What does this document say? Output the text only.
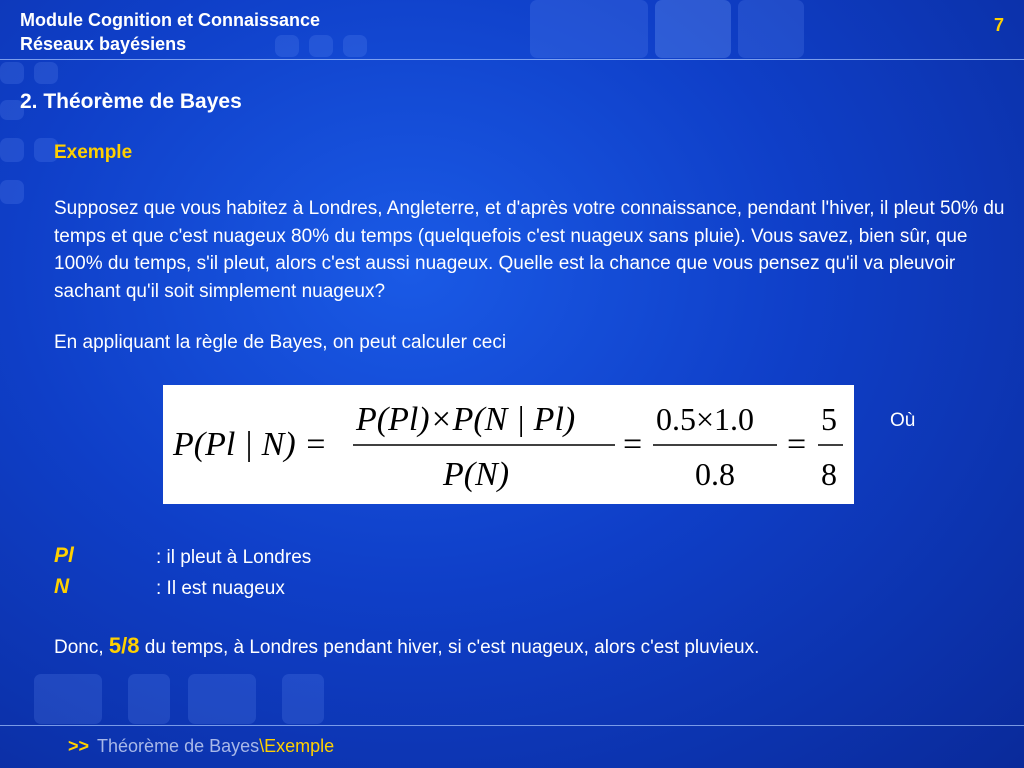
Module Cognition et Connaissance
Réseaux bayésiens
7
2. Théorème de Bayes
Exemple
Supposez que vous habitez à Londres, Angleterre, et d'après votre connaissance, pendant l'hiver, il pleut 50% du temps et que c'est nuageux 80% du temps (quelquefois c'est nuageux sans pluie). Vous savez, bien sûr, que 100% du temps, s'il pleut, alors c'est aussi nuageux. Quelle est la chance que vous pensez qu'il va pleuvoir sachant qu'il soit simplement nuageux?
En appliquant la règle de Bayes, on peut calculer ceci
P(Pl | N) =
P(Pl)×P(N | Pl)
P(N)
=
0.5×1.0
0.8
=
5
8
Où
Pl	: il pleut à Londres
N	: Il est nuageux
Donc, 5/8 du temps, à Londres pendant hiver, si c'est nuageux, alors c'est pluvieux.
>> Théorème de Bayes\Exemple
